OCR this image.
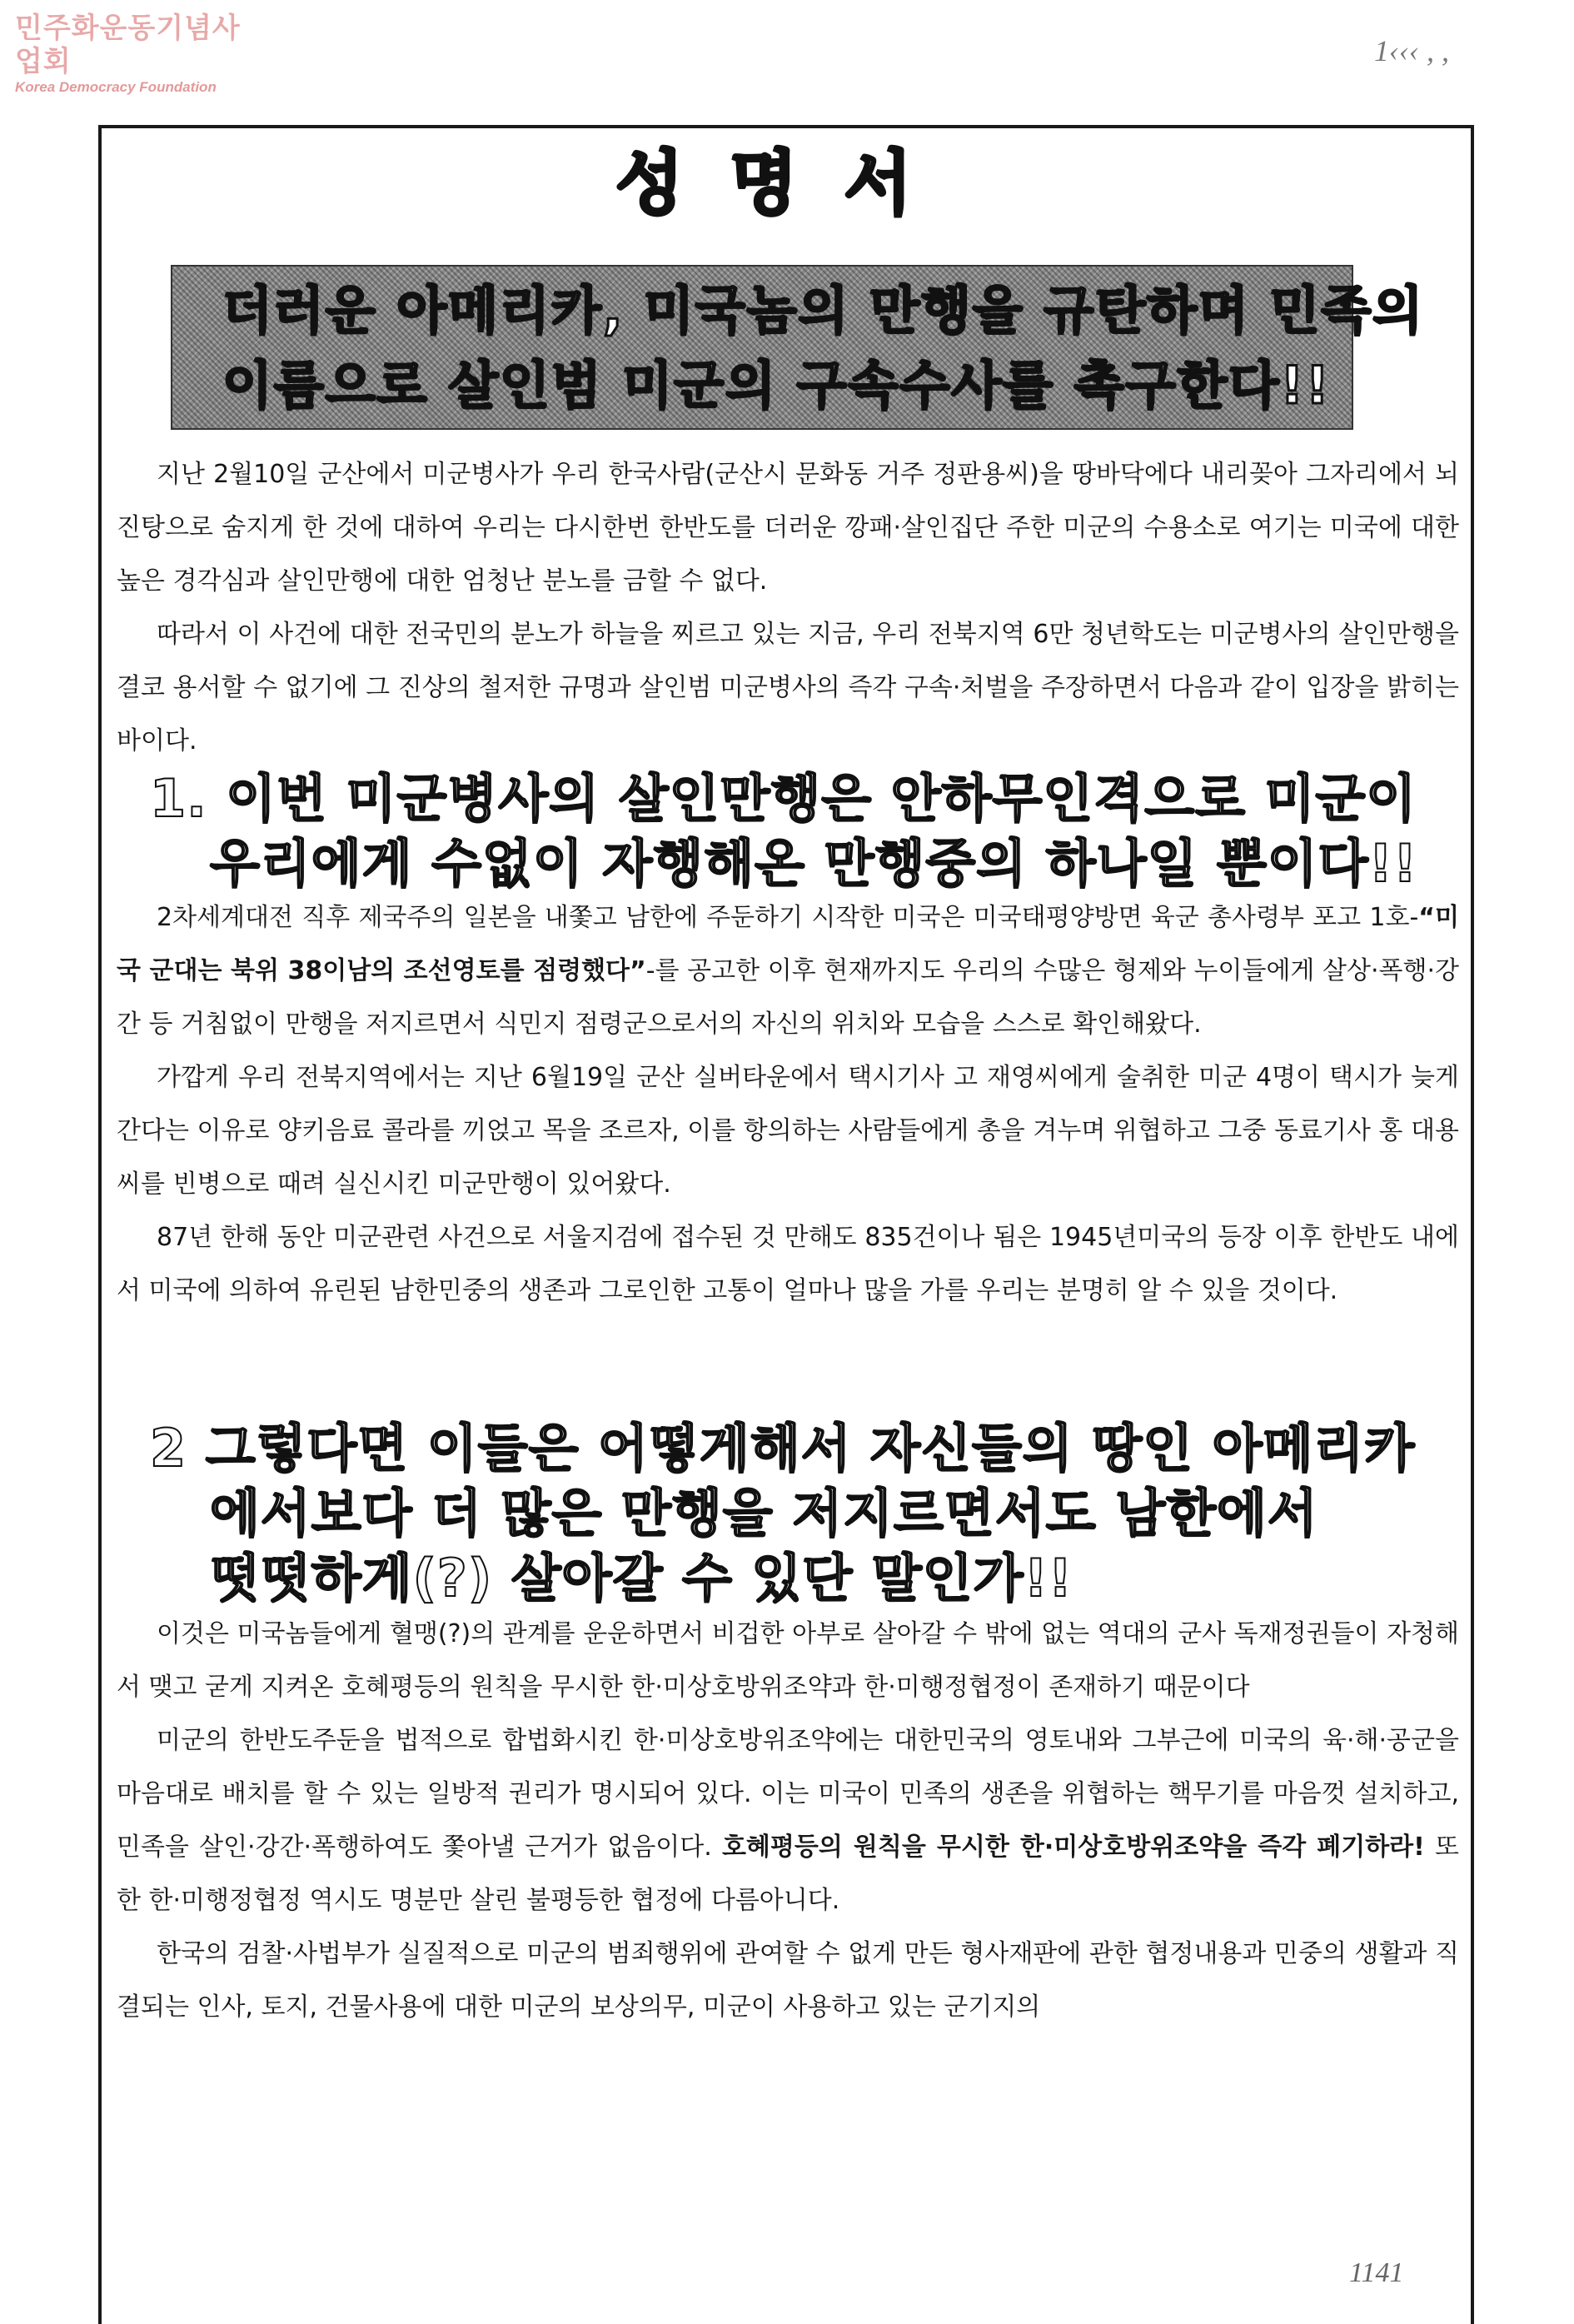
민주화운동기념사업회
Korea Democracy Foundation
1‹‹‹ , ,
성명서
더러운 아메리카, 미국놈의 만행을 규탄하며 민족의
이름으로 살인범 미군의 구속수사를 촉구한다!!

지난 2월10일 군산에서 미군병사가 우리 한국사람(군산시 문화동 거주 정판용씨)을 땅바닥에다 내리꽂아 그자리에서 뇌진탕으로 숨지게 한 것에 대하여 우리는 다시한번 한반도를 더러운 깡패·살인집단 주한 미군의 수용소로 여기는 미국에 대한 높은 경각심과 살인만행에 대한 엄청난 분노를 금할 수 없다.

따라서 이 사건에 대한 전국민의 분노가 하늘을 찌르고 있는 지금, 우리 전북지역 6만 청년학도는 미군병사의 살인만행을 결코 용서할 수 없기에 그 진상의 철저한 규명과 살인범 미군병사의 즉각 구속·처벌을 주장하면서 다음과 같이 입장을 밝히는 바이다.

1. 이번 미군병사의 살인만행은 안하무인격으로 미군이
우리에게 수없이 자행해온 만행중의 하나일 뿐이다!!

2차세계대전 직후 제국주의 일본을 내쫓고 남한에 주둔하기 시작한 미국은 미국태평양방면 육군 총사령부 포고 1호-“미국 군대는 북위 38이남의 조선영토를 점령했다”-를 공고한 이후 현재까지도 우리의 수많은 형제와 누이들에게 살상·폭행·강간 등 거침없이 만행을 저지르면서 식민지 점령군으로서의 자신의 위치와 모습을 스스로 확인해왔다.

가깝게 우리 전북지역에서는 지난 6월19일 군산 실버타운에서 택시기사 고 재영씨에게 술취한 미군 4명이 택시가 늦게 간다는 이유로 양키음료 콜라를 끼얹고 목을 조르자, 이를 항의하는 사람들에게 총을 겨누며 위협하고 그중 동료기사 홍 대용씨를 빈병으로 때려 실신시킨 미군만행이 있어왔다.

87년 한해 동안 미군관련 사건으로 서울지검에 접수된 것 만해도 835건이나 됨은 1945년미국의 등장 이후 한반도 내에서 미국에 의하여 유린된 남한민중의 생존과 그로인한 고통이 얼마나 많을 가를 우리는 분명히 알 수 있을 것이다.

2 그렇다면 이들은 어떻게해서 자신들의 땅인 아메리카
에서보다 더 많은 만행을 저지르면서도 남한에서
떳떳하게(?) 살아갈 수 있단 말인가!!

이것은 미국놈들에게 혈맹(?)의 관계를 운운하면서 비겁한 아부로 살아갈 수 밖에 없는 역대의 군사 독재정권들이 자청해서 맺고 굳게 지켜온 호혜평등의 원칙을 무시한 한·미상호방위조약과 한·미행정협정이 존재하기 때문이다

미군의 한반도주둔을 법적으로 합법화시킨 한·미상호방위조약에는 대한민국의 영토내와 그부근에 미국의 육·해·공군을 마음대로 배치를 할 수 있는 일방적 권리가 명시되어 있다. 이는 미국이 민족의 생존을 위협하는 핵무기를 마음껏 설치하고, 민족을 살인·강간·폭행하여도 쫓아낼 근거가 없음이다. 호혜평등의 원칙을 무시한 한·미상호방위조약을 즉각 폐기하라! 또한 한·미행정협정 역시도 명분만 살린 불평등한 협정에 다름아니다.

한국의 검찰·사법부가 실질적으로 미군의 범죄행위에 관여할 수 없게 만든 형사재판에 관한 협정내용과 민중의 생활과 직결되는 인사, 토지, 건물사용에 대한 미군의 보상의무, 미군이 사용하고 있는 군기지의

1141
